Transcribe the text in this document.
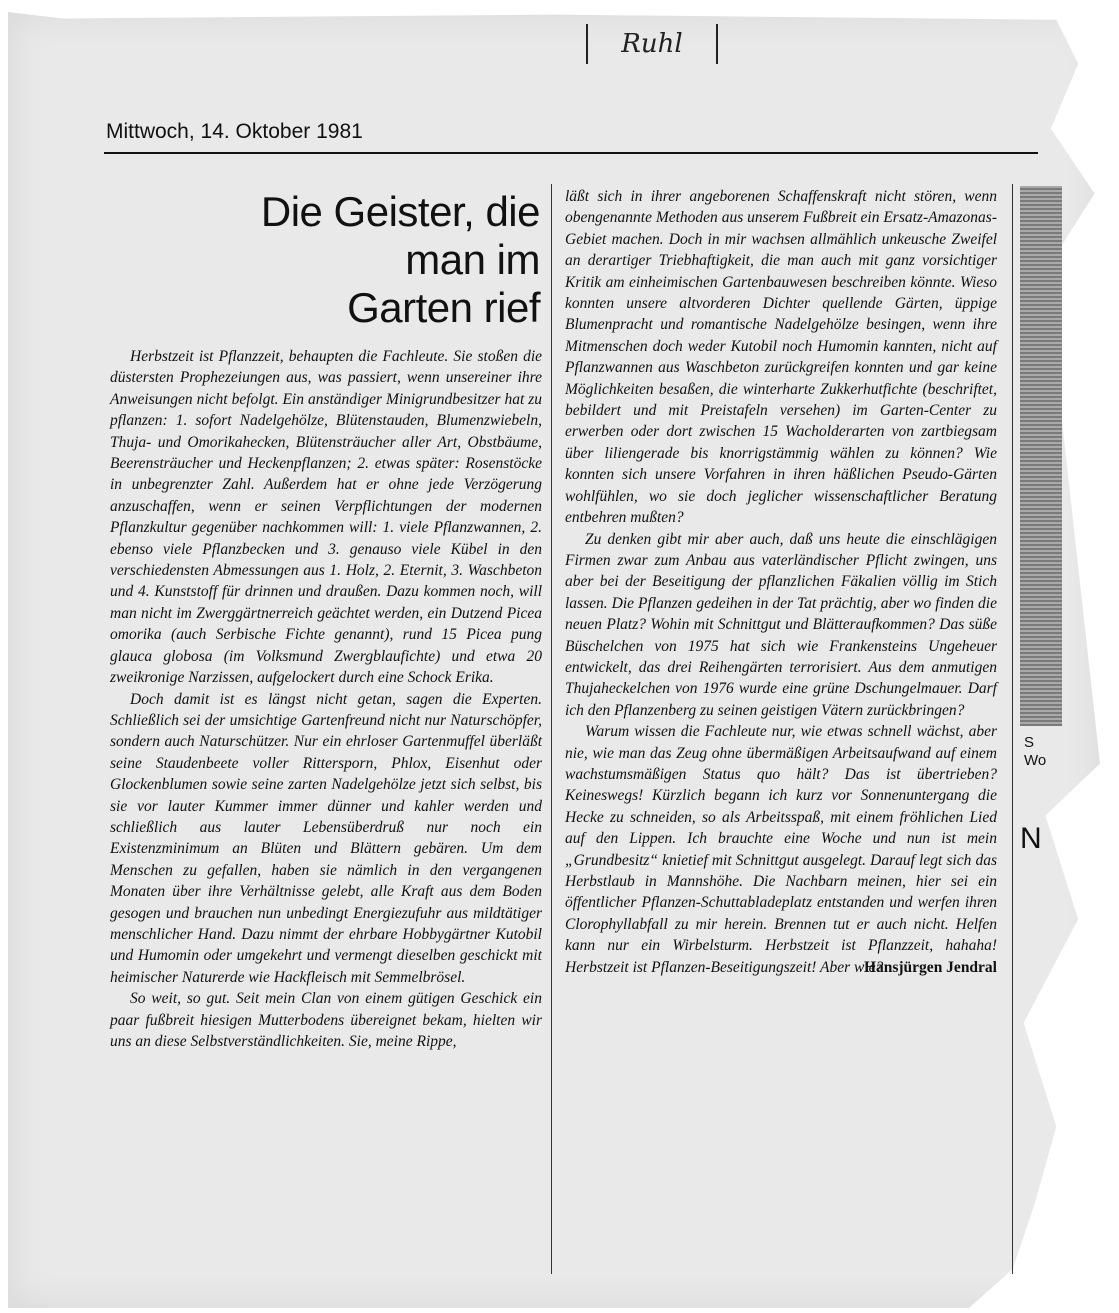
Ruhl
Mittwoch, 14. Oktober 1981
Die Geister, die
man im
Garten rief

Herbstzeit ist Pflanzzeit, behaupten die Fachleute. Sie stoßen die düstersten Prophezeiungen aus, was passiert, wenn unsereiner ihre Anweisungen nicht befolgt. Ein anständiger Minigrundbesitzer hat zu pflanzen: 1. sofort Nadelgehölze, Blütenstauden, Blumenzwiebeln, Thuja- und Omorikahecken, Blütensträucher aller Art, Obstbäume, Beerensträucher und Heckenpflanzen; 2. etwas später: Rosenstöcke in unbegrenzter Zahl. Außerdem hat er ohne jede Verzögerung anzuschaffen, wenn er seinen Verpflichtungen der modernen Pflanzkultur gegenüber nachkommen will: 1. viele Pflanzwannen, 2. ebenso viele Pflanzbecken und 3. genauso viele Kübel in den verschiedensten Abmessungen aus 1. Holz, 2. Eternit, 3. Waschbeton und 4. Kunststoff für drinnen und draußen. Dazu kommen noch, will man nicht im Zwerggärtnerreich geächtet werden, ein Dutzend Picea omorika (auch Serbische Fichte genannt), rund 15 Picea pung glauca globosa (im Volksmund Zwergblaufichte) und etwa 20 zweikronige Narzissen, aufgelockert durch eine Schock Erika.

Doch damit ist es längst nicht getan, sagen die Experten. Schließlich sei der umsichtige Gartenfreund nicht nur Naturschöpfer, sondern auch Naturschützer. Nur ein ehrloser Gartenmuffel überläßt seine Staudenbeete voller Rittersporn, Phlox, Eisenhut oder Glockenblumen sowie seine zarten Nadelgehölze jetzt sich selbst, bis sie vor lauter Kummer immer dünner und kahler werden und schließlich aus lauter Lebensüberdruß nur noch ein Existenzminimum an Blüten und Blättern gebären. Um dem Menschen zu gefallen, haben sie nämlich in den vergangenen Monaten über ihre Verhältnisse gelebt, alle Kraft aus dem Boden gesogen und brauchen nun unbedingt Energiezufuhr aus mildtätiger menschlicher Hand. Dazu nimmt der ehrbare Hobbygärtner Kutobil und Humomin oder umgekehrt und vermengt dieselben geschickt mit heimischer Naturerde wie Hackfleisch mit Semmelbrösel.

So weit, so gut. Seit mein Clan von einem gütigen Geschick ein paar fußbreit hiesigen Mutterbodens übereignet bekam, hielten wir uns an diese Selbstverständlichkeiten. Sie, meine Rippe,

läßt sich in ihrer angeborenen Schaffenskraft nicht stören, wenn obengenannte Methoden aus unserem Fußbreit ein Ersatz-Amazonas-Gebiet machen. Doch in mir wachsen allmählich unkeusche Zweifel an derartiger Triebhaftigkeit, die man auch mit ganz vorsichtiger Kritik am einheimischen Gartenbauwesen beschreiben könnte. Wieso konnten unsere altvorderen Dichter quellende Gärten, üppige Blumenpracht und romantische Nadelgehölze besingen, wenn ihre Mitmenschen doch weder Kutobil noch Humomin kannten, nicht auf Pflanzwannen aus Waschbeton zurückgreifen konnten und gar keine Möglichkeiten besaßen, die winterharte Zukkerhutfichte (beschriftet, bebildert und mit Preistafeln versehen) im Garten-Center zu erwerben oder dort zwischen 15 Wacholderarten von zartbiegsam über liliengerade bis knorrigstämmig wählen zu können? Wie konnten sich unsere Vorfahren in ihren häßlichen Pseudo-Gärten wohlfühlen, wo sie doch jeglicher wissenschaftlicher Beratung entbehren mußten?

Zu denken gibt mir aber auch, daß uns heute die einschlägigen Firmen zwar zum Anbau aus vaterländischer Pflicht zwingen, uns aber bei der Beseitigung der pflanzlichen Fäkalien völlig im Stich lassen. Die Pflanzen gedeihen in der Tat prächtig, aber wo finden die neuen Platz? Wohin mit Schnittgut und Blätteraufkommen? Das süße Büschelchen von 1975 hat sich wie Frankensteins Ungeheuer entwickelt, das drei Reihengärten terrorisiert. Aus dem anmutigen Thujaheckelchen von 1976 wurde eine grüne Dschungelmauer. Darf ich den Pflanzenberg zu seinen geistigen Vätern zurückbringen?

Warum wissen die Fachleute nur, wie etwas schnell wächst, aber nie, wie man das Zeug ohne übermäßigen Arbeitsaufwand auf einem wachstumsmäßigen Status quo hält? Das ist übertrieben? Keineswegs! Kürzlich begann ich kurz vor Sonnenuntergang die Hecke zu schneiden, so als Arbeitsspaß, mit einem fröhlichen Lied auf den Lippen. Ich brauchte eine Woche und nun ist mein „Grundbesitz“ knietief mit Schnittgut ausgelegt. Darauf legt sich das Herbstlaub in Mannshöhe. Die Nachbarn meinen, hier sei ein öffentlicher Pflanzen-Schuttabladeplatz entstanden und werfen ihren Clorophyllabfall zu mir herein. Brennen tut er auch nicht. Helfen kann nur ein Wirbelsturm. Herbstzeit ist Pflanzzeit, hahaha! Herbstzeit ist Pflanzen-Beseitigungszeit! Aber wie?

Hansjürgen Jendral
S
Wo
N
